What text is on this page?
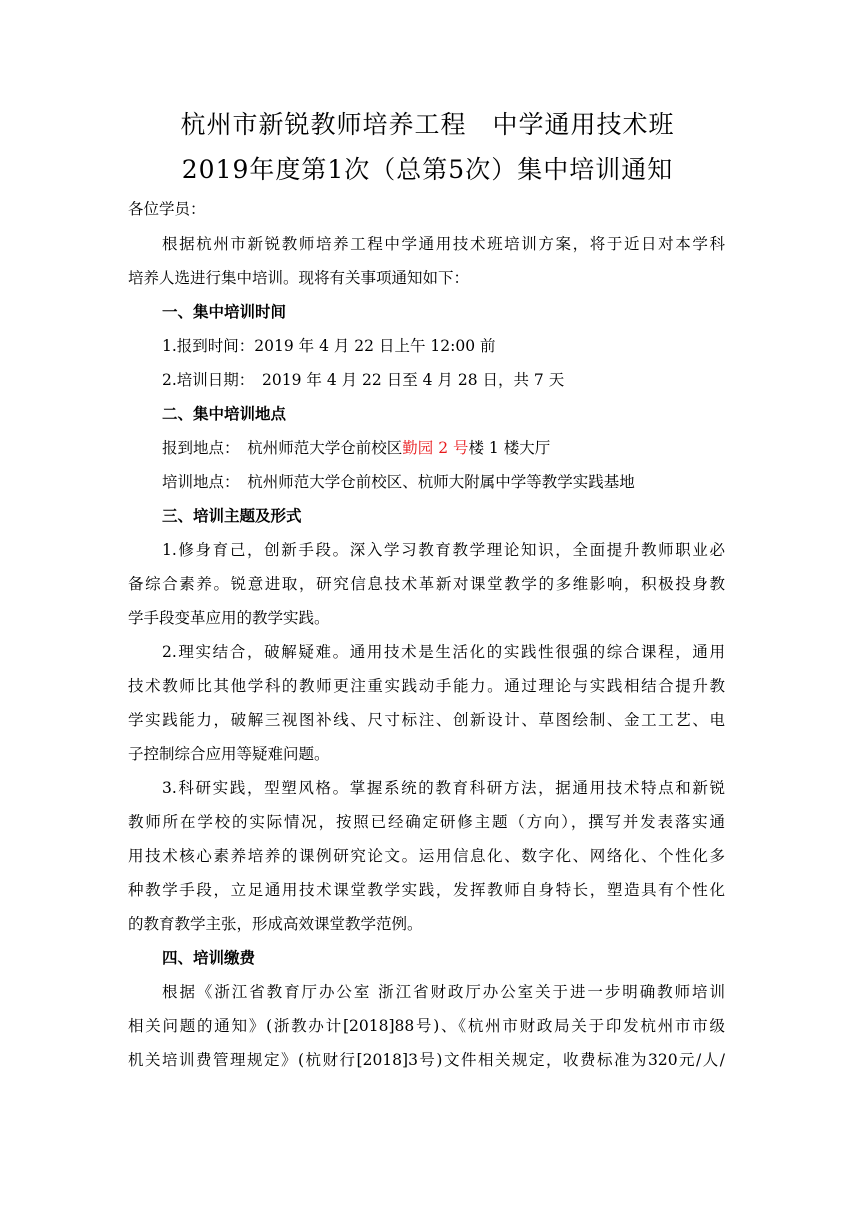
杭州市新锐教师培养工程　中学通用技术班
2019年度第1次（总第5次）集中培训通知
各位学员：
根据杭州市新锐教师培养工程中学通用技术班培训方案，将于近日对本学科
培养人选进行集中培训。现将有关事项通知如下：
一、集中培训时间
1.报到时间：2019 年 4 月 22 日上午 12:00 前
2.培训日期：　2019 年 4 月 22 日至 4 月 28 日，共 7 天
二、集中培训地点
报到地点：　杭州师范大学仓前校区勤园 2 号楼 1 楼大厅
培训地点：　杭州师范大学仓前校区、杭师大附属中学等教学实践基地
三、培训主题及形式
1.修身育己，创新手段。深入学习教育教学理论知识，全面提升教师职业必
备综合素养。锐意进取，研究信息技术革新对课堂教学的多维影响，积极投身教
学手段变革应用的教学实践。
2.理实结合，破解疑难。通用技术是生活化的实践性很强的综合课程，通用
技术教师比其他学科的教师更注重实践动手能力。通过理论与实践相结合提升教
学实践能力，破解三视图补线、尺寸标注、创新设计、草图绘制、金工工艺、电
子控制综合应用等疑难问题。
3.科研实践，型塑风格。掌握系统的教育科研方法，据通用技术特点和新锐
教师所在学校的实际情况，按照已经确定研修主题（方向），撰写并发表落实通
用技术核心素养培养的课例研究论文。运用信息化、数字化、网络化、个性化多
种教学手段，立足通用技术课堂教学实践，发挥教师自身特长，塑造具有个性化
的教育教学主张，形成高效课堂教学范例。
四、培训缴费
根据《浙江省教育厅办公室 浙江省财政厅办公室关于进一步明确教师培训
相关问题的通知》(浙教办计[2018]88号)、《杭州市财政局关于印发杭州市市级
机关培训费管理规定》(杭财行[2018]3号)文件相关规定，收费标准为320元/人/
